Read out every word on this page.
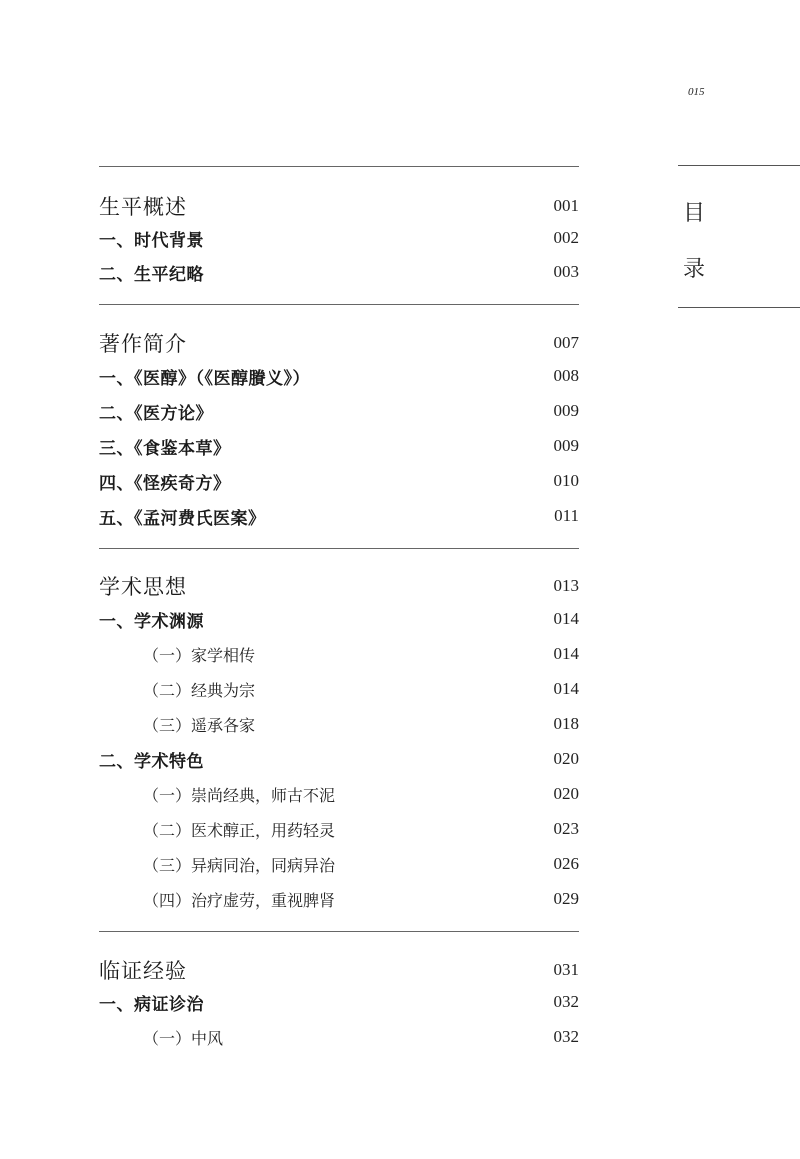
015
目
录
生平概述	001
一、时代背景	002
二、生平纪略	003
著作简介	007
一、《医醇》（《医醇賸义》）	008
二、《医方论》	009
三、《食鉴本草》	009
四、《怪疾奇方》	010
五、《孟河费氏医案》	011
学术思想	013
一、学术渊源	014
（一）家学相传	014
（二）经典为宗	014
（三）遥承各家	018
二、学术特色	020
（一）崇尚经典，师古不泥	020
（二）医术醇正，用药轻灵	023
（三）异病同治，同病异治	026
（四）治疗虚劳，重视脾肾	029
临证经验	031
一、病证诊治	032
（一）中风	032
